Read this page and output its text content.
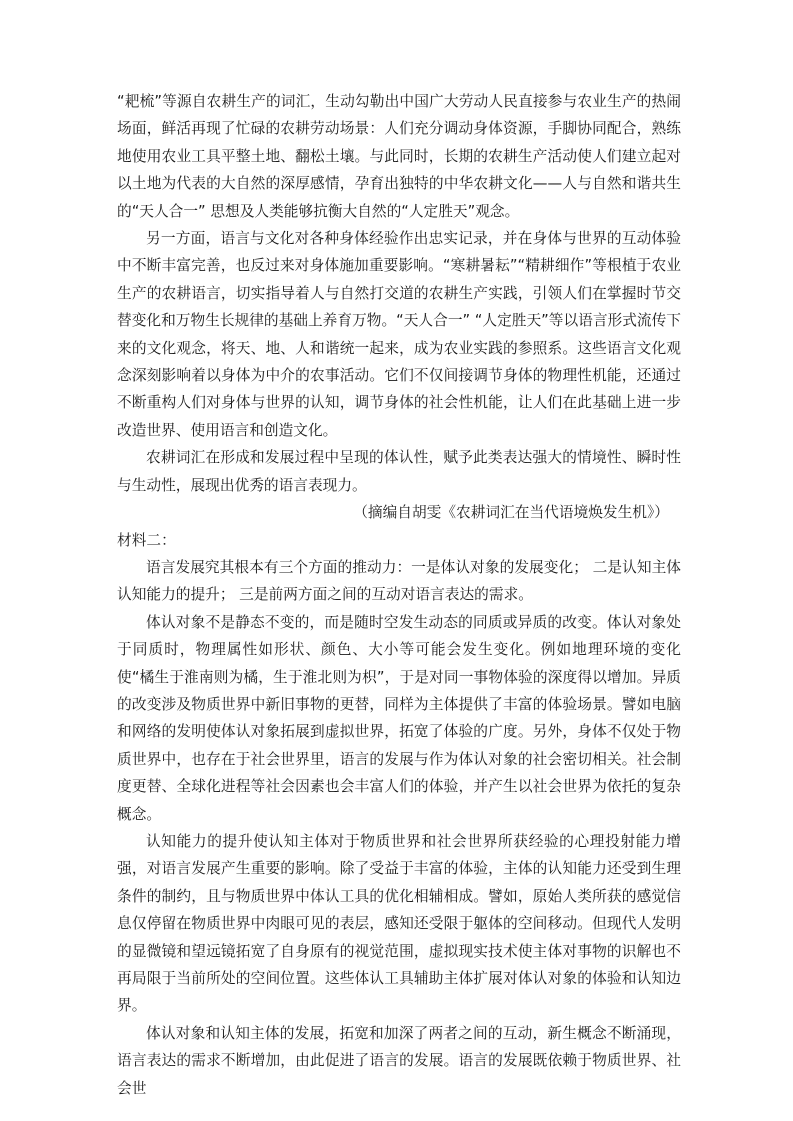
“耙梳”等源自农耕生产的词汇，生动勾勒出中国广大劳动人民直接参与农业生产的热闹场面，鲜活再现了忙碌的农耕劳动场景：人们充分调动身体资源，手脚协同配合，熟练地使用农业工具平整土地、翻松土壤。与此同时，长期的农耕生产活动使人们建立起对以土地为代表的大自然的深厚感情，孕育出独特的中华农耕文化——人与自然和谐共生的“天人合一” 思想及人类能够抗衡大自然的“人定胜天”观念。

另一方面，语言与文化对各种身体经验作出忠实记录，并在身体与世界的互动体验中不断丰富完善，也反过来对身体施加重要影响。“寒耕暑耘”“精耕细作”等根植于农业生产的农耕语言，切实指导着人与自然打交道的农耕生产实践，引领人们在掌握时节交替变化和万物生长规律的基础上养育万物。“天人合一” “人定胜天”等以语言形式流传下来的文化观念，将天、地、人和谐统一起来，成为农业实践的参照系。这些语言文化观念深刻影响着以身体为中介的农事活动。它们不仅间接调节身体的物理性机能，还通过不断重构人们对身体与世界的认知，调节身体的社会性机能，让人们在此基础上进一步改造世界、使用语言和创造文化。

农耕词汇在形成和发展过程中呈现的体认性，赋予此类表达强大的情境性、瞬时性与生动性，展现出优秀的语言表现力。

（摘编自胡雯《农耕词汇在当代语境焕发生机》）

材料二：

语言发展究其根本有三个方面的推动力：一是体认对象的发展变化； 二是认知主体认知能力的提升； 三是前两方面之间的互动对语言表达的需求。

体认对象不是静态不变的，而是随时空发生动态的同质或异质的改变。体认对象处于同质时，物理属性如形状、颜色、大小等可能会发生变化。例如地理环境的变化使“橘生于淮南则为橘，生于淮北则为枳”，于是对同一事物体验的深度得以增加。异质的改变涉及物质世界中新旧事物的更替，同样为主体提供了丰富的体验场景。譬如电脑和网络的发明使体认对象拓展到虚拟世界，拓宽了体验的广度。另外，身体不仅处于物质世界中，也存在于社会世界里，语言的发展与作为体认对象的社会密切相关。社会制度更替、全球化进程等社会因素也会丰富人们的体验，并产生以社会世界为依托的复杂概念。

认知能力的提升使认知主体对于物质世界和社会世界所获经验的心理投射能力增强，对语言发展产生重要的影响。除了受益于丰富的体验，主体的认知能力还受到生理条件的制约，且与物质世界中体认工具的优化相辅相成。譬如，原始人类所获的感觉信息仅停留在物质世界中肉眼可见的表层，感知还受限于躯体的空间移动。但现代人发明的显微镜和望远镜拓宽了自身原有的视觉范围，虚拟现实技术使主体对事物的识解也不再局限于当前所处的空间位置。这些体认工具辅助主体扩展对体认对象的体验和认知边界。

体认对象和认知主体的发展，拓宽和加深了两者之间的互动，新生概念不断涌现，语言表达的需求不断增加，由此促进了语言的发展。语言的发展既依赖于物质世界、社会世
